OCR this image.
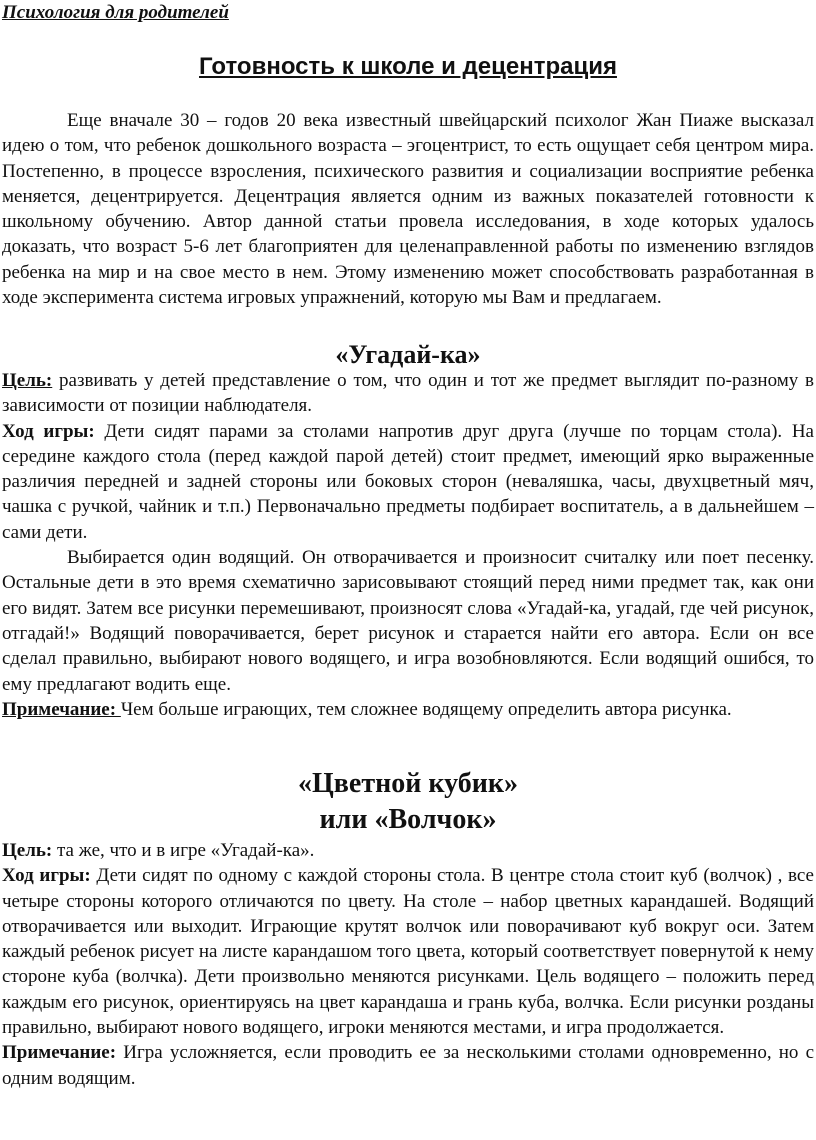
Психология для родителей
Готовность к школе и децентрация

Еще вначале 30 – годов 20 века известный швейцарский психолог Жан Пиаже высказал идею о том, что ребенок дошкольного возраста – эгоцентрист, то есть ощущает себя центром мира. Постепенно, в процессе взросления, психического развития и социализации восприятие ребенка меняется, децентрируется. Децентрация является одним из важных показателей готовности к школьному обучению. Автор данной статьи провела исследования, в ходе которых удалось доказать, что возраст 5-6 лет благоприятен для целенаправленной работы по изменению взглядов ребенка на мир и на свое место в нем. Этому изменению может способствовать разработанная в ходе эксперимента система игровых упражнений, которую мы Вам и предлагаем.

«Угадай-ка»

Цель: развивать у детей представление о том, что один и тот же предмет выглядит по-разному в зависимости от позиции наблюдателя.

Ход игры: Дети сидят парами за столами напротив друг друга (лучше по торцам стола). На середине каждого стола (перед каждой парой детей) стоит предмет, имеющий ярко выраженные различия передней и задней стороны или боковых сторон (неваляшка, часы, двухцветный мяч, чашка с ручкой, чайник и т.п.) Первоначально предметы подбирает воспитатель, а в дальнейшем – сами дети.

Выбирается один водящий. Он отворачивается и произносит считалку или поет песенку. Остальные дети в это время схематично зарисовывают стоящий перед ними предмет так, как они его видят. Затем все рисунки перемешивают, произносят слова «Угадай-ка, угадай, где чей рисунок, отгадай!» Водящий поворачивается, берет рисунок и старается найти его автора. Если он все сделал правильно, выбирают нового водящего, и игра возобновляются. Если водящий ошибся, то ему предлагают водить еще.

Примечание: Чем больше играющих, тем сложнее водящему определить автора рисунка.

«Цветной кубик»
или «Волчок»

Цель: та же, что и в игре «Угадай-ка».

Ход игры: Дети сидят по одному с каждой стороны стола. В центре стола стоит куб (волчок) , все четыре стороны которого отличаются по цвету. На столе – набор цветных карандашей. Водящий отворачивается или выходит. Играющие крутят волчок или поворачивают куб вокруг оси. Затем каждый ребенок рисует на листе карандашом того цвета, который соответствует повернутой к нему стороне куба (волчка). Дети произвольно меняются рисунками. Цель водящего – положить перед каждым его рисунок, ориентируясь на цвет карандаша и грань куба, волчка. Если рисунки розданы правильно, выбирают нового водящего, игроки меняются местами, и игра продолжается.

Примечание: Игра усложняется, если проводить ее за несколькими столами одновременно, но с одним водящим.
